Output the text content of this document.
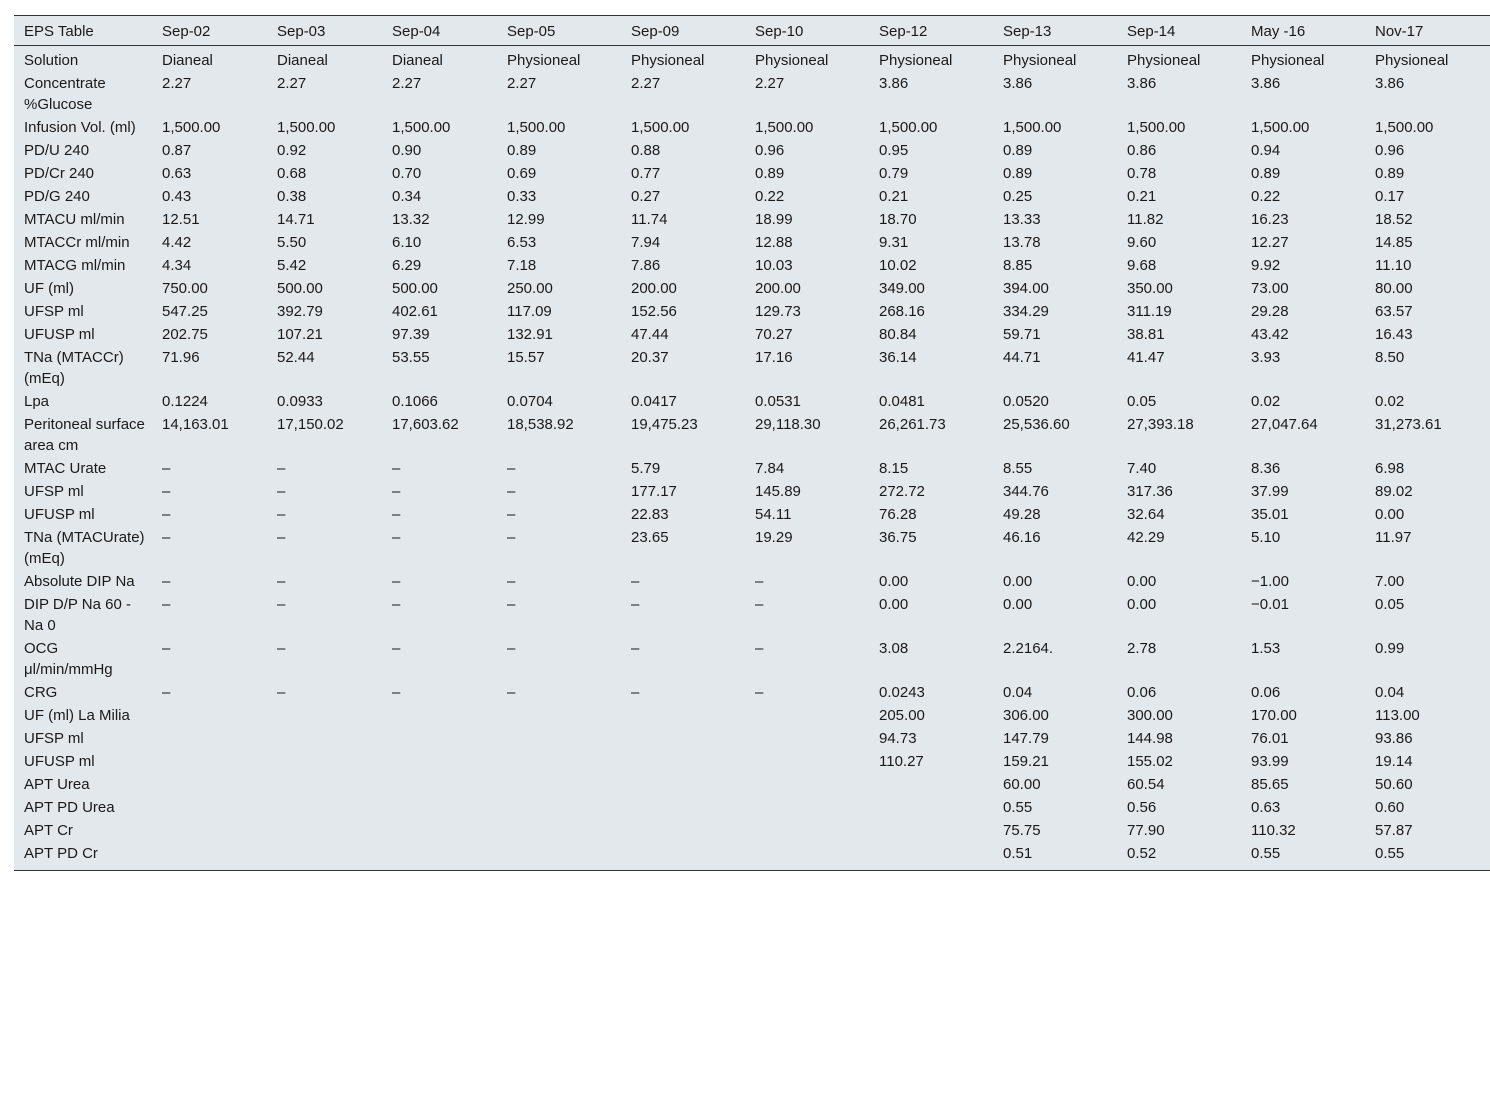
EPS Table	Sep-02	Sep-03	Sep-04	Sep-05	Sep-09	Sep-10	Sep-12	Sep-13	Sep-14	May -16	Nov-17
Solution	Dianeal	Dianeal	Dianeal	Physioneal	Physioneal	Physioneal	Physioneal	Physioneal	Physioneal	Physioneal	Physioneal
Concentrate %Glucose	2.27	2.27	2.27	2.27	2.27	2.27	3.86	3.86	3.86	3.86	3.86
Infusion Vol. (ml)	1,500.00	1,500.00	1,500.00	1,500.00	1,500.00	1,500.00	1,500.00	1,500.00	1,500.00	1,500.00	1,500.00
PD/U 240	0.87	0.92	0.90	0.89	0.88	0.96	0.95	0.89	0.86	0.94	0.96
PD/Cr 240	0.63	0.68	0.70	0.69	0.77	0.89	0.79	0.89	0.78	0.89	0.89
PD/G 240	0.43	0.38	0.34	0.33	0.27	0.22	0.21	0.25	0.21	0.22	0.17
MTACU ml/min	12.51	14.71	13.32	12.99	11.74	18.99	18.70	13.33	11.82	16.23	18.52
MTACCr ml/min	4.42	5.50	6.10	6.53	7.94	12.88	9.31	13.78	9.60	12.27	14.85
MTACG ml/min	4.34	5.42	6.29	7.18	7.86	10.03	10.02	8.85	9.68	9.92	11.10
UF (ml)	750.00	500.00	500.00	250.00	200.00	200.00	349.00	394.00	350.00	73.00	80.00
UFSP ml	547.25	392.79	402.61	117.09	152.56	129.73	268.16	334.29	311.19	29.28	63.57
UFUSP ml	202.75	107.21	97.39	132.91	47.44	70.27	80.84	59.71	38.81	43.42	16.43
TNa (MTACCr) (mEq)	71.96	52.44	53.55	15.57	20.37	17.16	36.14	44.71	41.47	3.93	8.50
Lpa	0.1224	0.0933	0.1066	0.0704	0.0417	0.0531	0.0481	0.0520	0.05	0.02	0.02
Peritoneal surface area cm	14,163.01	17,150.02	17,603.62	18,538.92	19,475.23	29,118.30	26,261.73	25,536.60	27,393.18	27,047.64	31,273.61
MTAC Urate	–	–	–	–	5.79	7.84	8.15	8.55	7.40	8.36	6.98
UFSP ml	–	–	–	–	177.17	145.89	272.72	344.76	317.36	37.99	89.02
UFUSP ml	–	–	–	–	22.83	54.11	76.28	49.28	32.64	35.01	0.00
TNa (MTACUrate) (mEq)	–	–	–	–	23.65	19.29	36.75	46.16	42.29	5.10	11.97
Absolute DIP Na	–	–	–	–	–	–	0.00	0.00	0.00	−1.00	7.00
DIP D/P Na 60 - Na 0	–	–	–	–	–	–	0.00	0.00	0.00	−0.01	0.05
OCG μl/min/mmHg	–	–	–	–	–	–	3.08	2.2164.	2.78	1.53	0.99
CRG	–	–	–	–	–	–	0.0243	0.04	0.06	0.06	0.04
UF (ml) La Milia							205.00	306.00	300.00	170.00	113.00
UFSP ml							94.73	147.79	144.98	76.01	93.86
UFUSP ml							110.27	159.21	155.02	93.99	19.14
APT Urea								60.00	60.54	85.65	50.60
APT PD Urea								0.55	0.56	0.63	0.60
APT Cr								75.75	77.90	110.32	57.87
APT PD Cr								0.51	0.52	0.55	0.55
